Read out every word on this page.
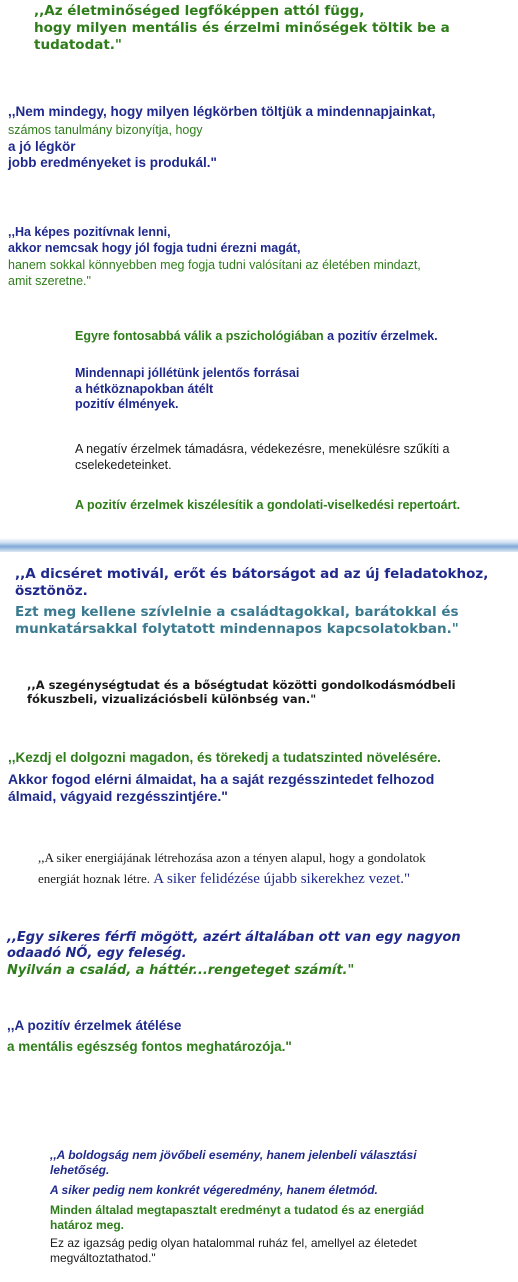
,,Az életminőséged legfőképpen attól függ,
hogy milyen mentális és érzelmi minőségek töltik be a
tudatodat."
,,Nem mindegy, hogy milyen légkörben töltjük a mindennapjainkat,
számos tanulmány bizonyítja, hogy
a jó légkör
jobb eredményeket is produkál."
,,Ha képes pozitívnak lenni,
akkor nemcsak hogy jól fogja tudni érezni magát,
hanem sokkal könnyebben meg fogja tudni valósítani az életében mindazt,
amit szeretne."
Egyre fontosabbá válik a pszichológiában a pozitív érzelmek.
Mindennapi jóllétünk jelentős forrásai
a hétköznapokban átélt
pozitív élmények.
A negatív érzelmek támadásra, védekezésre, menekülésre szűkíti a
cselekedeteinket.
A pozitív érzelmek kiszélesítik a gondolati-viselkedési repertoárt.
,,A dicséret motivál, erőt és bátorságot ad az új feladatokhoz,
ösztönöz.
Ezt meg kellene szívlelnie a családtagokkal, barátokkal és
munkatársakkal folytatott mindennapos kapcsolatokban."
,,A szegénységtudat és a bőségtudat közötti gondolkodásmódbeli
fókuszbeli, vizualizációsbeli különbség van."
,,Kezdj el dolgozni magadon, és törekedj a tudatszinted növelésére.
Akkor fogod elérni álmaidat, ha a saját rezgésszintedet felhozod
álmaid, vágyaid rezgésszintjére."
,,A siker energiájának létrehozása azon a tényen alapul, hogy a gondolatok
energiát hoznak létre. A siker felidézése újabb sikerekhez vezet."
,,Egy sikeres férfi mögött, azért általában ott van egy nagyon
odaadó NŐ, egy feleség.
Nyilván a család, a háttér...rengeteget számít."
,,A pozitív érzelmek átélése
a mentális egészség fontos meghatározója."
,,A boldogság nem jövőbeli esemény, hanem jelenbeli választási
lehetőség.
A siker pedig nem konkrét végeredmény, hanem életmód.
Minden általad megtapasztalt eredményt a tudatod és az energiád
határoz meg.
Ez az igazság pedig olyan hatalommal ruház fel, amellyel az életedet
megváltoztathatod."
